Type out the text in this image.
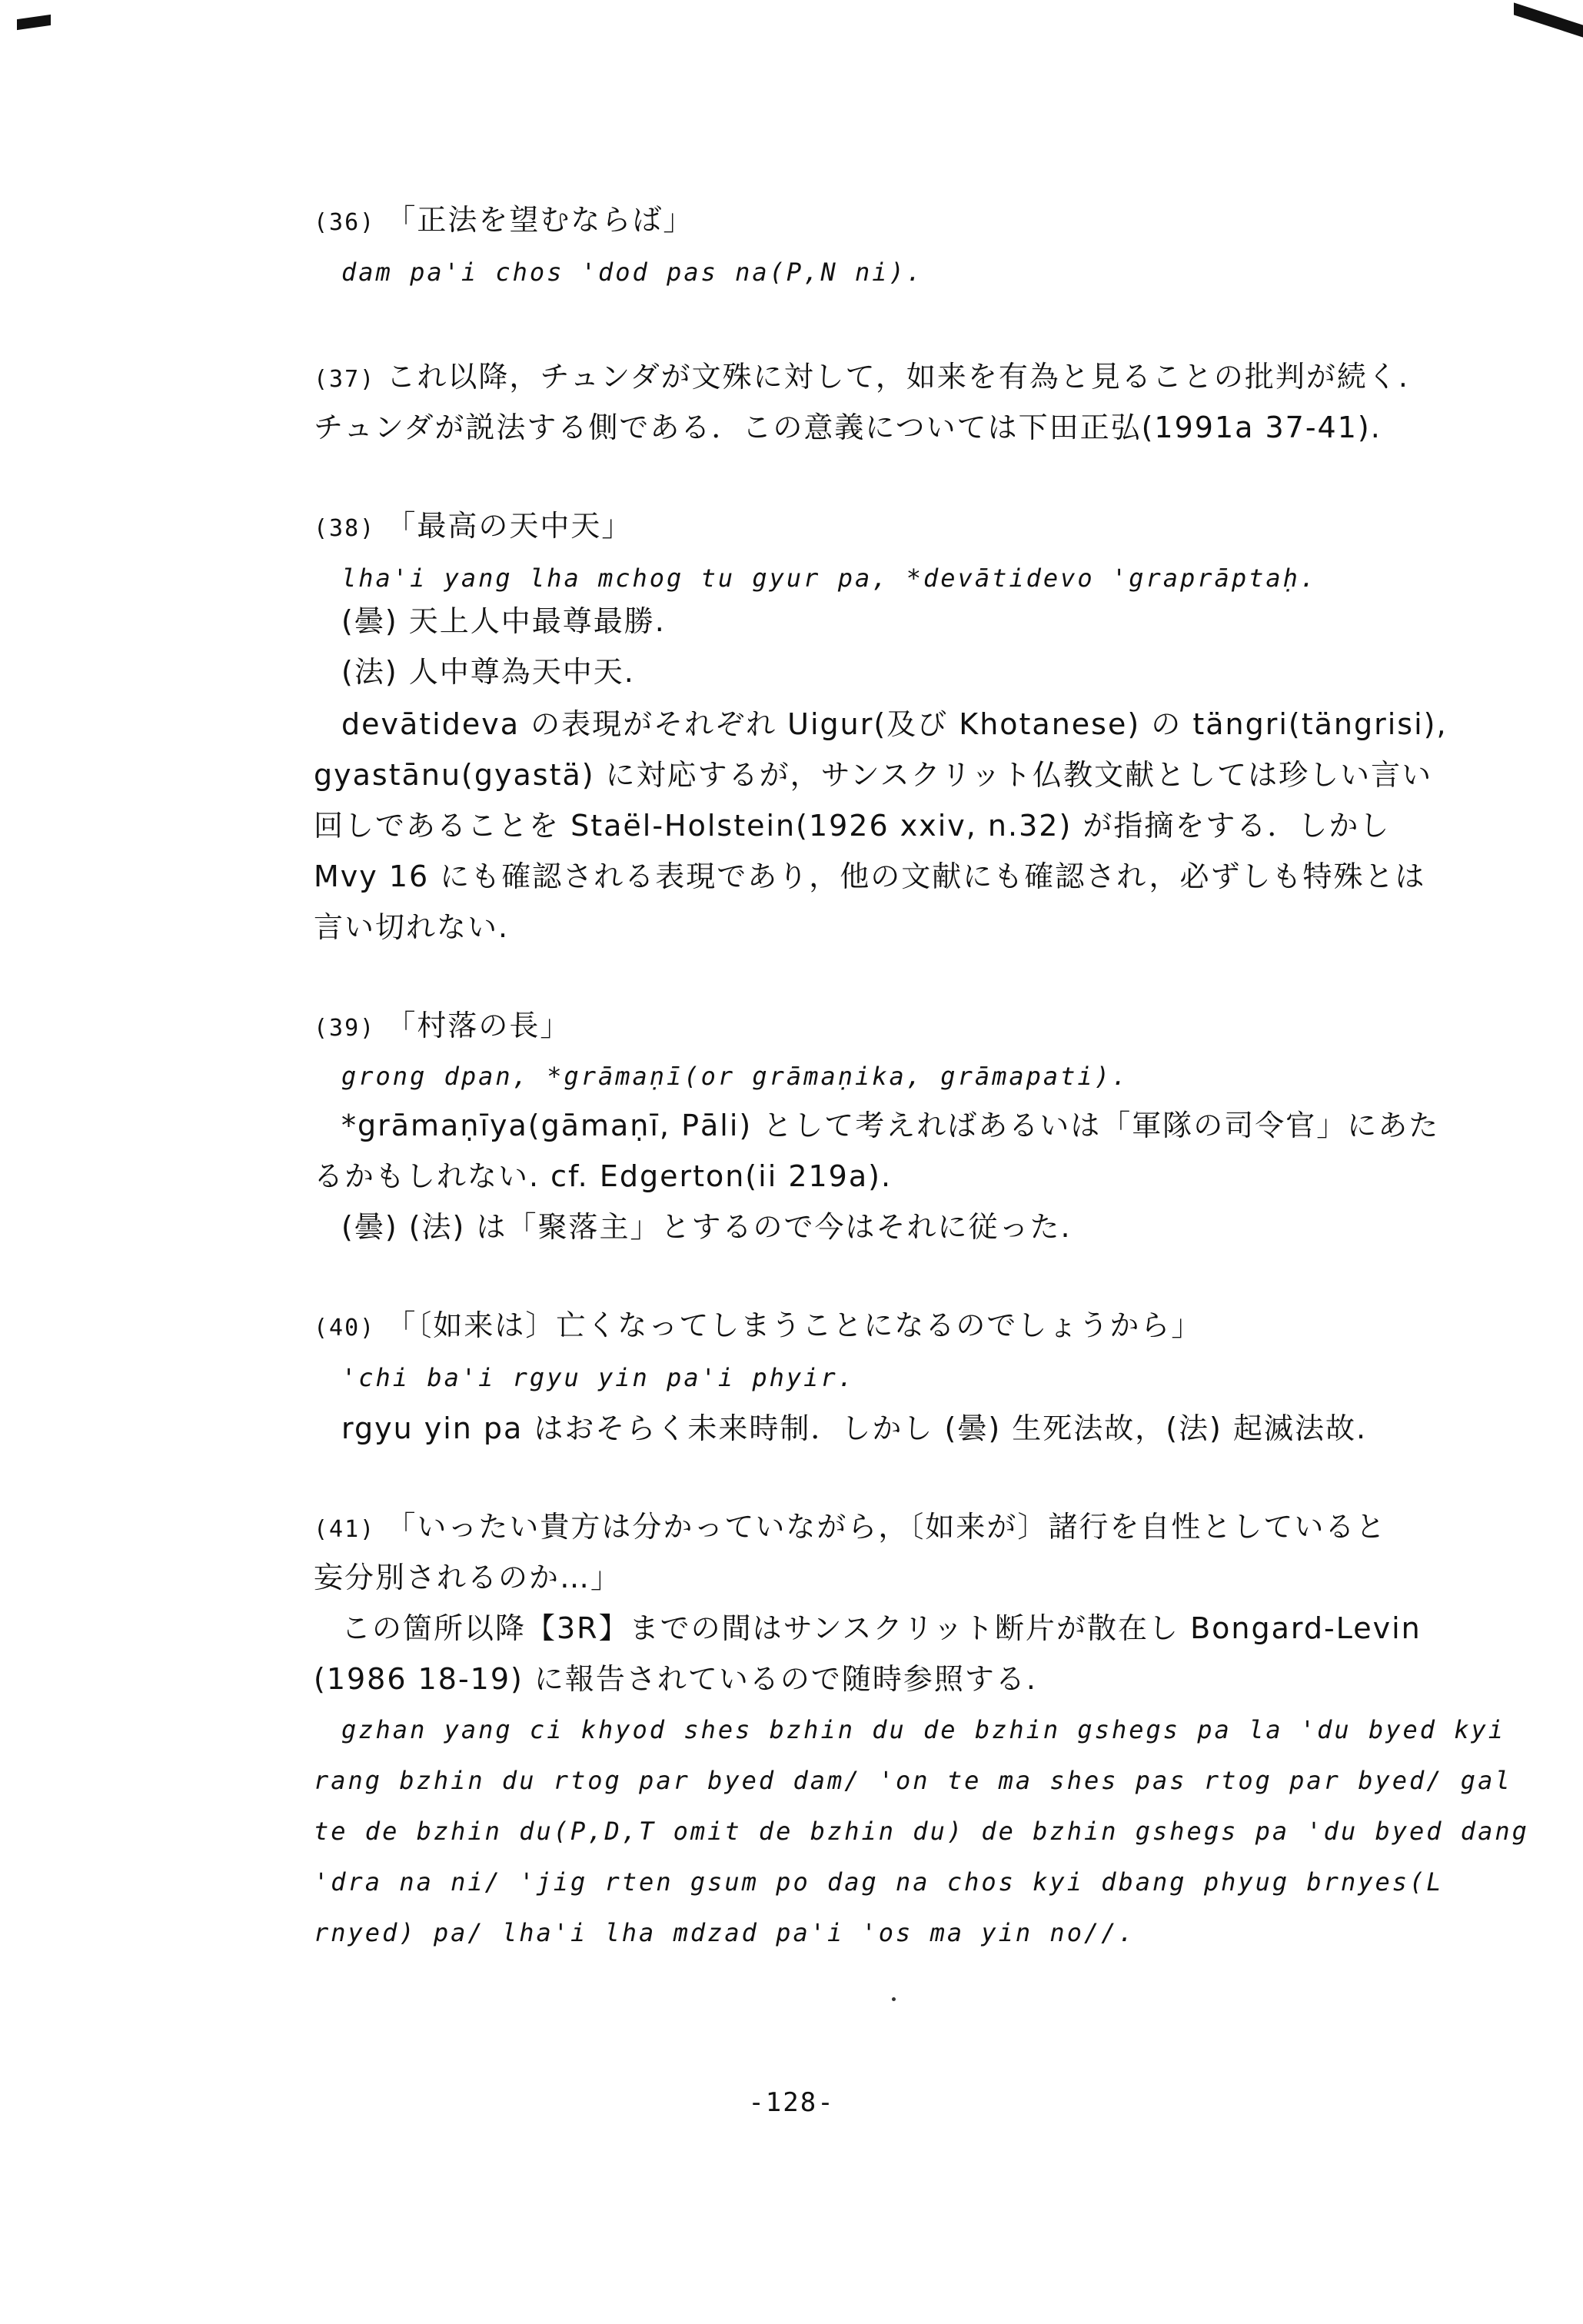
(36) 「正法を望むならば」
dam pa'i chos 'dod pas na(P,N ni).
(37) これ以降，チュンダが文殊に対して，如来を有為と見ることの批判が続く.
チュンダが説法する側である．この意義については下田正弘(1991a 37-41).
(38) 「最高の天中天」
lha'i yang lha mchog tu gyur pa, *devātidevo 'graprāptaḥ.
(曇) 天上人中最尊最勝.
(法) 人中尊為天中天.
devātideva の表現がそれぞれ Uigur(及び Khotanese) の tängri(tängrisi),
gyastānu(gyastä) に対応するが，サンスクリット仏教文献としては珍しい言い
回しであることを Staël-Holstein(1926 xxiv, n.32) が指摘をする．しかし
Mvy 16 にも確認される表現であり，他の文献にも確認され，必ずしも特殊とは
言い切れない.
(39) 「村落の長」
grong dpan, *grāmaṇī(or grāmaṇika, grāmapati).
*grāmaṇīya(gāmaṇī, Pāli) として考えればあるいは「軍隊の司令官」にあた
るかもしれない. cf. Edgerton(ii 219a).
(曇) (法) は「聚落主」とするので今はそれに従った.
(40) 「〔如来は〕亡くなってしまうことになるのでしょうから」
'chi ba'i rgyu yin pa'i phyir.
rgyu yin pa はおそらく未来時制．しかし (曇) 生死法故，(法) 起滅法故.
(41) 「いったい貴方は分かっていながら，〔如来が〕諸行を自性としていると
妄分別されるのか…」
この箇所以降【3R】までの間はサンスクリット断片が散在し Bongard-Levin
(1986 18-19) に報告されているので随時参照する.
gzhan yang ci khyod shes bzhin du de bzhin gshegs pa la 'du byed kyi
rang bzhin du rtog par byed dam/ 'on te ma shes pas rtog par byed/ gal
te de bzhin du(P,D,T omit de bzhin du) de bzhin gshegs pa 'du byed dang
'dra na ni/ 'jig rten gsum po dag na chos kyi dbang phyug brnyes(L
rnyed) pa/ lha'i lha mdzad pa'i 'os ma yin no//.
-128-
